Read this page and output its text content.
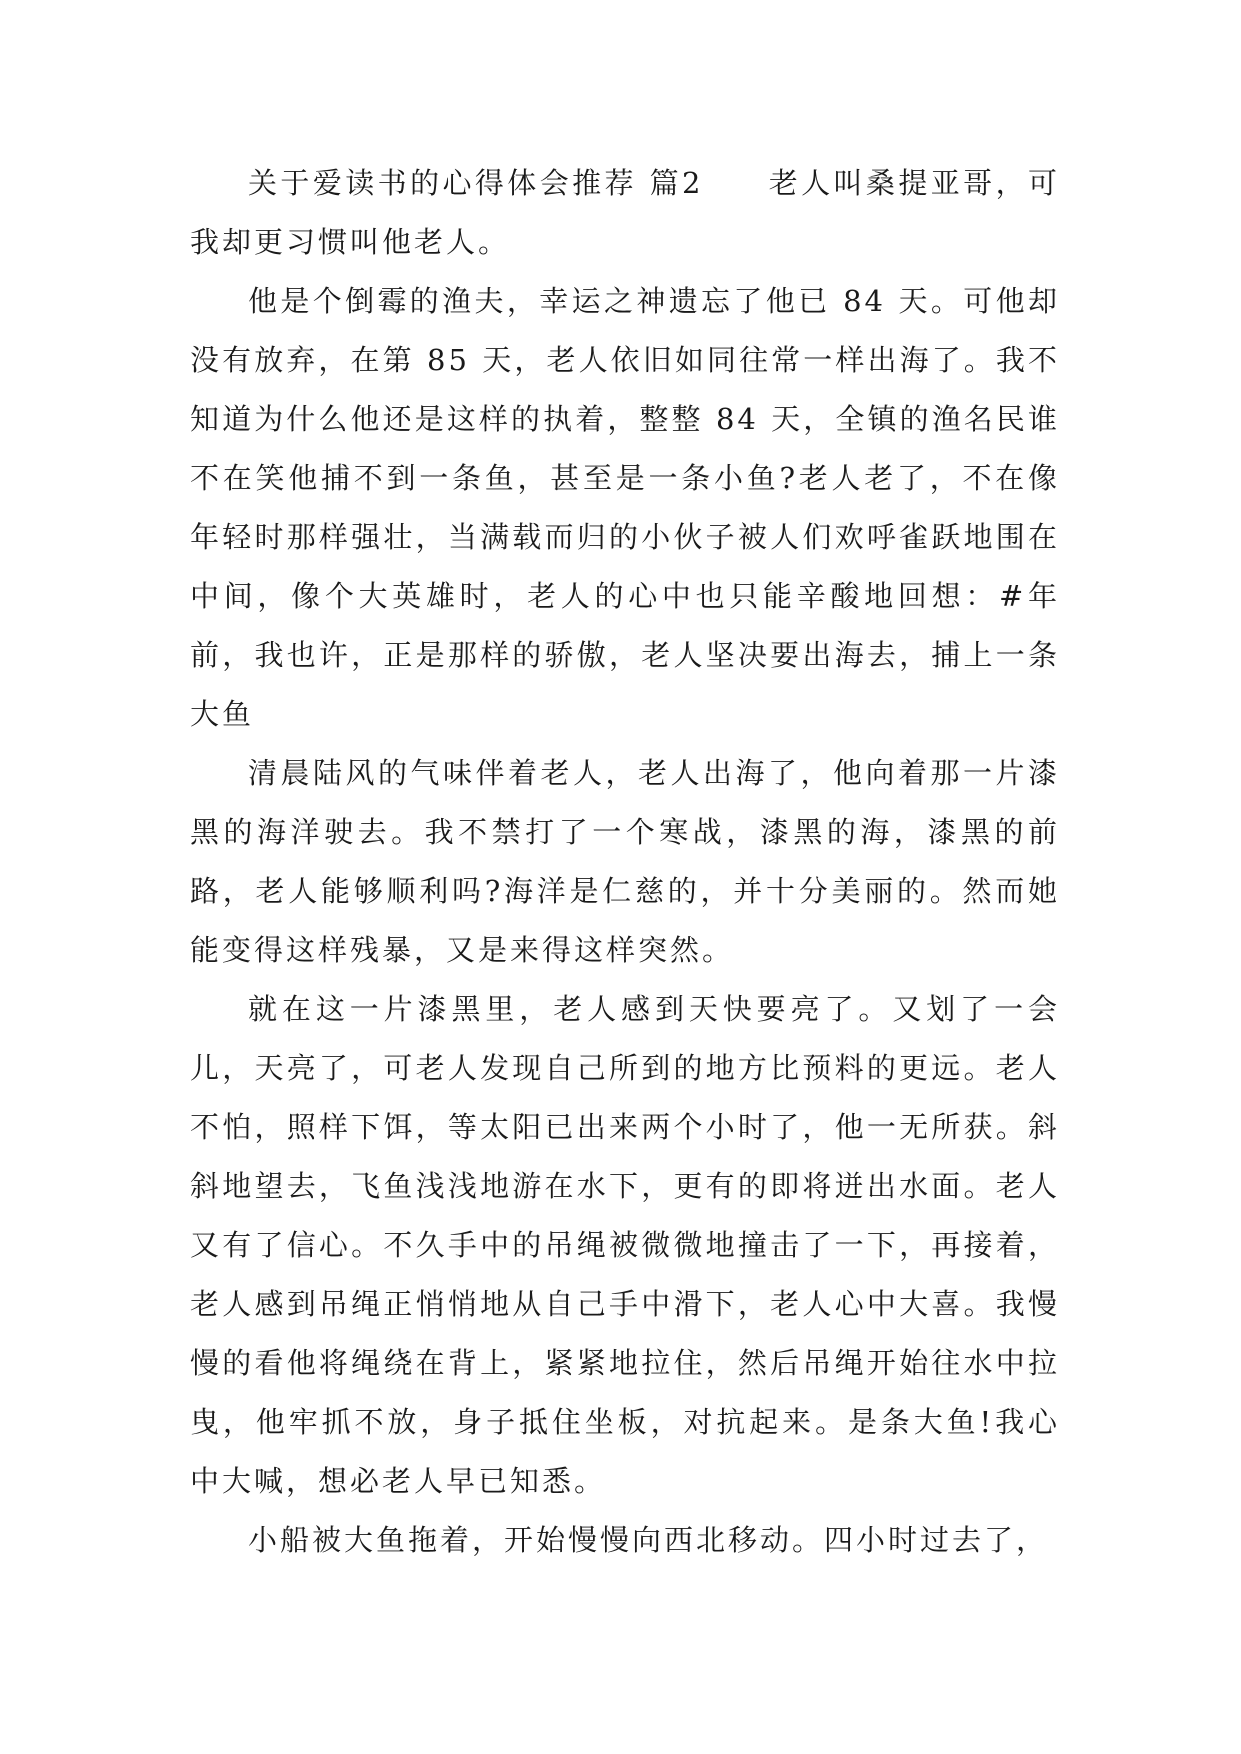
关于爱读书的心得体会推荐 篇2　　老人叫桑提亚哥，可我却更习惯叫他老人。

他是个倒霉的渔夫，幸运之神遗忘了他已 84 天。可他却没有放弃，在第 85 天，老人依旧如同往常一样出海了。我不知道为什么他还是这样的执着，整整 84 天，全镇的渔名民谁不在笑他捕不到一条鱼，甚至是一条小鱼?老人老了，不在像年轻时那样强壮，当满载而归的小伙子被人们欢呼雀跃地围在中间，像个大英雄时，老人的心中也只能辛酸地回想：#年前，我也许，正是那样的骄傲，老人坚决要出海去，捕上一条大鱼

清晨陆风的气味伴着老人，老人出海了，他向着那一片漆黑的海洋驶去。我不禁打了一个寒战，漆黑的海，漆黑的前路，老人能够顺利吗?海洋是仁慈的，并十分美丽的。然而她能变得这样残暴，又是来得这样突然。

就在这一片漆黑里，老人感到天快要亮了。又划了一会儿，天亮了，可老人发现自己所到的地方比预料的更远。老人不怕，照样下饵，等太阳已出来两个小时了，他一无所获。斜斜地望去，飞鱼浅浅地游在水下，更有的即将迸出水面。老人又有了信心。不久手中的吊绳被微微地撞击了一下，再接着，老人感到吊绳正悄悄地从自己手中滑下，老人心中大喜。我慢慢的看他将绳绕在背上，紧紧地拉住，然后吊绳开始往水中拉曳，他牢抓不放，身子抵住坐板，对抗起来。是条大鱼!我心中大喊，想必老人早已知悉。

小船被大鱼拖着，开始慢慢向西北移动。四小时过去了，
